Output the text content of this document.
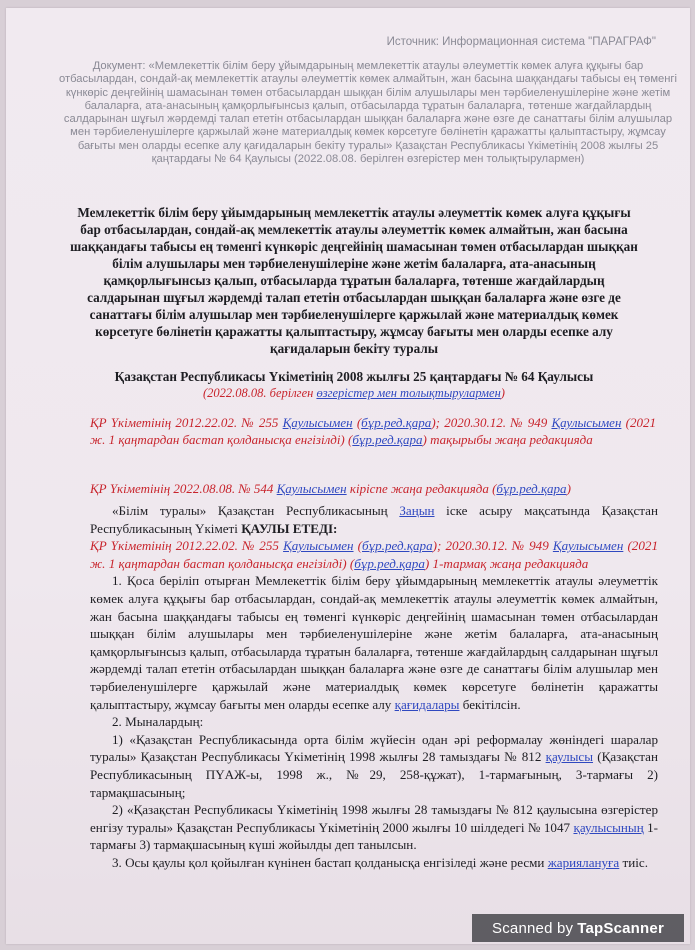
Источник: Информационная система "ПАРАГРАФ"
Документ: «Мемлекеттік білім беру ұйымдарының мемлекеттік атаулы әлеуметтік көмек алуға құқығы бар отбасылардан, сондай-ақ мемлекеттік атаулы әлеуметтік көмек алмайтын, жан басына шаққандағы табысы ең төменгі күнкөріс деңгейінің шамасынан төмен отбасылардан шыққан білім алушылары мен тәрбиеленушілеріне және жетім балаларға, ата-анасының қамқорлығынсыз қалып, отбасыларда тұратын балаларға, төтенше жағдайлардың салдарынан шұғыл жәрдемді талап ететін отбасылардан шыққан балаларға және өзге де санаттағы білім алушылар мен тәрбиеленушілерге қаржылай және материалдық көмек көрсетуге бөлінетін қаражатты қалыптастыру, жұмсау бағыты мен оларды есепке алу қағидаларын бекіту туралы» Қазақстан Республикасы Үкіметінің 2008 жылғы 25 қаңтардағы № 64 Қаулысы (2022.08.08. берілген өзгерістер мен толықтырулармен)
Мемлекеттік білім беру ұйымдарының мемлекеттік атаулы әлеуметтік көмек алуға құқығы бар отбасылардан, сондай-ақ мемлекеттік атаулы әлеуметтік көмек алмайтын, жан басына шаққандағы табысы ең төменгі күнкөріс деңгейінің шамасынан төмен отбасылардан шыққан білім алушылары мен тәрбиеленушілеріне және жетім балаларға, ата-анасының қамқорлығынсыз қалып, отбасыларда тұратын балаларға, төтенше жағдайлардың салдарынан шұғыл жәрдемді талап ететін отбасылардан шыққан балаларға және өзге де санаттағы білім алушылар мен тәрбиеленушілерге қаржылай және материалдық көмек көрсетуге бөлінетін қаражатты қалыптастыру, жұмсау бағыты мен оларды есепке алу қағидаларын бекіту туралы
Қазақстан Республикасы Үкіметінің 2008 жылғы 25 қаңтардағы № 64 Қаулысы
(2022.08.08. берілген өзгерістер мен толықтырулармен)
ҚР Үкіметінің 2012.22.02. № 255 Қаулысымен (бұр.ред.қара); 2020.30.12. № 949 Қаулысымен (2021 ж. 1 қаңтардан бастап қолданысқа енгізілді) (бұр.ред.қара) тақырыбы жаңа редакцияда
ҚР Үкіметінің 2022.08.08. № 544 Қаулысымен кіріспе жаңа редакцияда (бұр.ред.қара)

«Білім туралы» Қазақстан Республикасының Заңын іске асыру мақсатында Қазақстан Республикасының Үкіметі ҚАУЛЫ ЕТЕДІ:

ҚР Үкіметінің 2012.22.02. № 255 Қаулысымен (бұр.ред.қара); 2020.30.12. № 949 Қаулысымен (2021 ж. 1 қаңтардан бастап қолданысқа енгізілді) (бұр.ред.қара) 1-тармақ жаңа редакцияда

1. Қоса беріліп отырған Мемлекеттік білім беру ұйымдарының мемлекеттік атаулы әлеуметтік көмек алуға құқығы бар отбасылардан, сондай-ақ мемлекеттік атаулы әлеуметтік көмек алмайтын, жан басына шаққандағы табысы ең төменгі күнкөріс деңгейінің шамасынан төмен отбасылардан шыққан білім алушылары мен тәрбиеленушілеріне және жетім балаларға, ата-анасының қамқорлығынсыз қалып, отбасыларда тұратын балаларға, төтенше жағдайлардың салдарынан шұғыл жәрдемді талап ететін отбасылардан шыққан балаларға және өзге де санаттағы білім алушылар мен тәрбиеленушілерге қаржылай және материалдық көмек көрсетуге бөлінетін қаражатты қалыптастыру, жұмсау бағыты мен оларды есепке алу қағидалары бекітілсін.

2. Мыналардың:

1) «Қазақстан Республикасында орта білім жүйесін одан әрі реформалау жөніндегі шаралар туралы» Қазақстан Республикасы Үкіметінің 1998 жылғы 28 тамыздағы № 812 қаулысы (Қазақстан Республикасының ПҮАЖ-ы, 1998 ж., №29, 258-құжат), 1-тармағының, 3-тармағы 2) тармақшасының;

2) «Қазақстан Республикасы Үкіметінің 1998 жылғы 28 тамыздағы № 812 қаулысына өзгерістер енгізу туралы» Қазақстан Республикасы Үкіметінің 2000 жылғы 10 шілдедегі № 1047 қаулысының 1-тармағы 3) тармақшасының күші жойылды деп танылсын.

3. Осы қаулы қол қойылған күнінен бастап қолданысқа енгізіледі және ресми жариялануға тиіс.

Scanned by TapScanner
